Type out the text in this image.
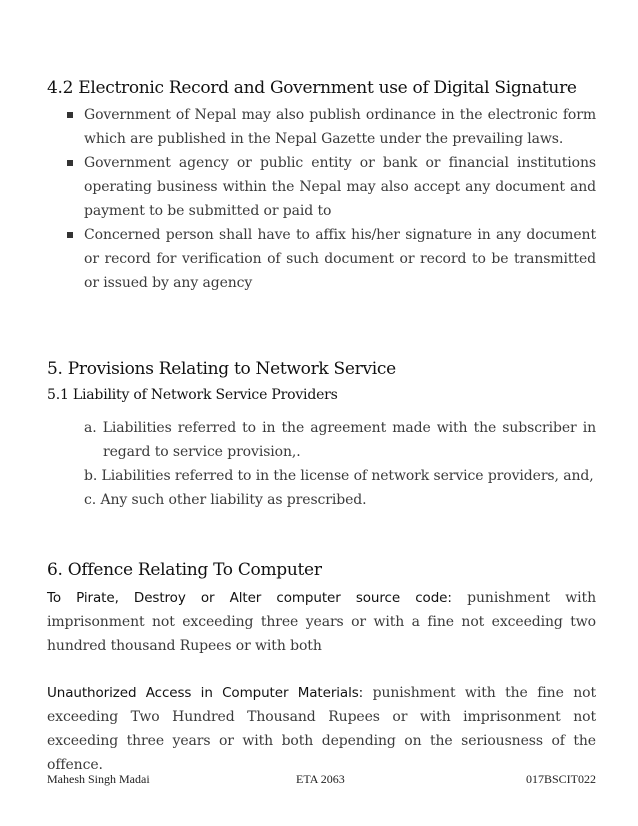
4.2 Electronic Record and Government use of Digital Signature
Government of Nepal may also publish ordinance in the electronic form which are published in the Nepal Gazette under the prevailing laws.
Government agency or public entity or bank or financial institutions operating business within the Nepal may also accept any document and payment to be submitted or paid to
Concerned person shall have to affix his/her signature in any document or record for verification of such document or record to be transmitted or issued by any agency
5. Provisions Relating to Network Service
5.1 Liability of Network Service Providers
a. Liabilities referred to in the agreement made with the subscriber in regard to service provision,.
b. Liabilities referred to in the license of network service providers, and,
c. Any such other liability as prescribed.
6. Offence Relating To Computer
To Pirate, Destroy or Alter computer source code: punishment with imprisonment not exceeding three years or with a fine not exceeding two hundred thousand Rupees or with both
Unauthorized Access in Computer Materials: punishment with the fine not exceeding Two Hundred Thousand Rupees or with imprisonment not exceeding three years or with both depending on the seriousness of the offence.
Mahesh Singh Madai	ETA 2063	017BSCIT022
